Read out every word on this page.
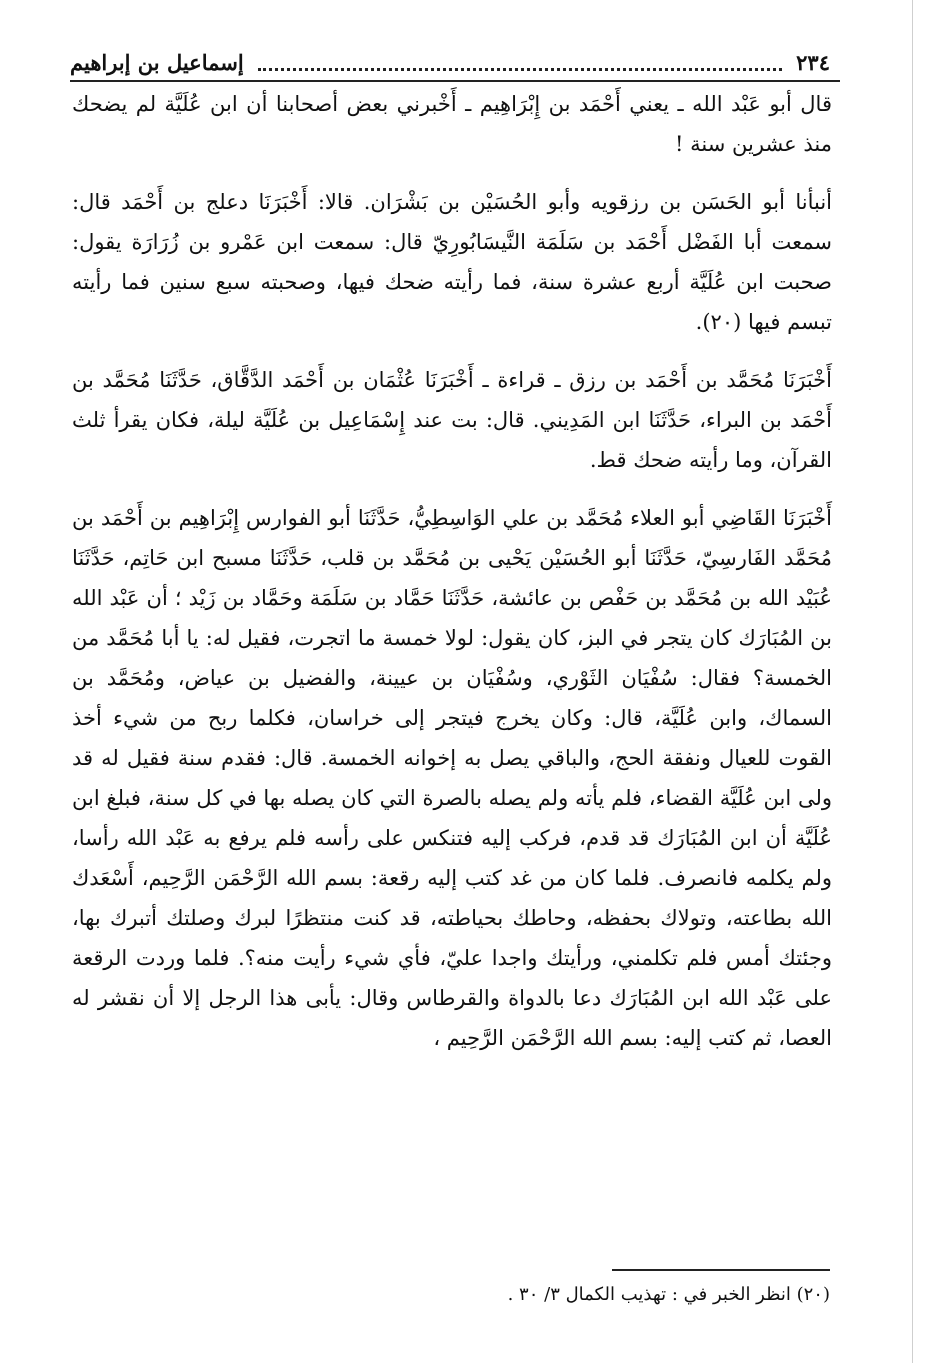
٢٣٤
إسماعيل بن إبراهيم

قال أبو عَبْد الله ـ يعني أَحْمَد بن إِبْرَاهِيم ـ أَخْبرني بعض أصحابنا أن ابن عُلَيَّة لم يضحك منذ عشرين سنة !

أنبأنا أبو الحَسَن بن رزقويه وأبو الحُسَيْن بن بَشْرَان. قالا: أَخْبَرَنَا دعلج بن أَحْمَد قال: سمعت أبا الفَضْل أَحْمَد بن سَلَمَة النَّيسَابُورِيّ قال: سمعت ابن عَمْرو بن زُرَارَة يقول: صحبت ابن عُلَيَّة أربع عشرة سنة، فما رأيته ضحك فيها، وصحبته سبع سنين فما رأيته تبسم فيها (٢٠).

أَخْبَرَنَا مُحَمَّد بن أَحْمَد بن رزق ـ قراءة ـ أَخْبَرَنَا عُثْمَان بن أَحْمَد الدَّقَّاق، حَدَّثَنَا مُحَمَّد بن أَحْمَد بن البراء، حَدَّثَنَا ابن المَدِيني. قال: بت عند إِسْمَاعِيل بن عُلَيَّة ليلة، فكان يقرأ ثلث القرآن، وما رأيته ضحك قط.

أَخْبَرَنَا القَاضِي أبو العلاء مُحَمَّد بن علي الوَاسِطِيُّ، حَدَّثَنَا أبو الفوارس إِبْرَاهِيم بن أَحْمَد بن مُحَمَّد الفَارسِيّ، حَدَّثَنَا أبو الحُسَيْن يَحْيى بن مُحَمَّد بن قلب، حَدَّثَنَا مسبح ابن حَاتِم، حَدَّثَنَا عُبَيْد الله بن مُحَمَّد بن حَفْص بن عائشة، حَدَّثَنَا حَمَّاد بن سَلَمَة وحَمَّاد بن زَيْد ؛ أن عَبْد الله بن المُبَارَك كان يتجر في البز، كان يقول: لولا خمسة ما اتجرت، فقيل له: يا أبا مُحَمَّد من الخمسة؟ فقال: سُفْيَان الثَوْري، وسُفْيَان بن عيينة، والفضيل بن عياض، ومُحَمَّد بن السماك، وابن عُلَيَّة، قال: وكان يخرج فيتجر إلى خراسان، فكلما ربح من شيء أخذ القوت للعيال ونفقة الحج، والباقي يصل به إخوانه الخمسة. قال: فقدم سنة فقيل له قد ولى ابن عُلَيَّة القضاء، فلم يأته ولم يصله بالصرة التي كان يصله بها في كل سنة، فبلغ ابن عُلَيَّة أن ابن المُبَارَك قد قدم، فركب إليه فتنكس على رأسه فلم يرفع به عَبْد الله رأسا، ولم يكلمه فانصرف. فلما كان من غد كتب إليه رقعة: بسم الله الرَّحْمَن الرَّحِيم، أَسْعَدك الله بطاعته، وتولاك بحفظه، وحاطك بحياطته، قد كنت منتظرًا لبرك وصلتك أتبرك بها، وجئتك أمس فلم تكلمني، ورأيتك واجدا عليّ، فأي شيء رأيت منه؟. فلما وردت الرقعة على عَبْد الله ابن المُبَارَك دعا بالدواة والقرطاس وقال: يأبى هذا الرجل إلا أن نقشر له العصا، ثم كتب إليه: بسم الله الرَّحْمَن الرَّحِيم ،

(٢٠) انظر الخبر في : تهذيب الكمال ٣/ ٣٠ .
